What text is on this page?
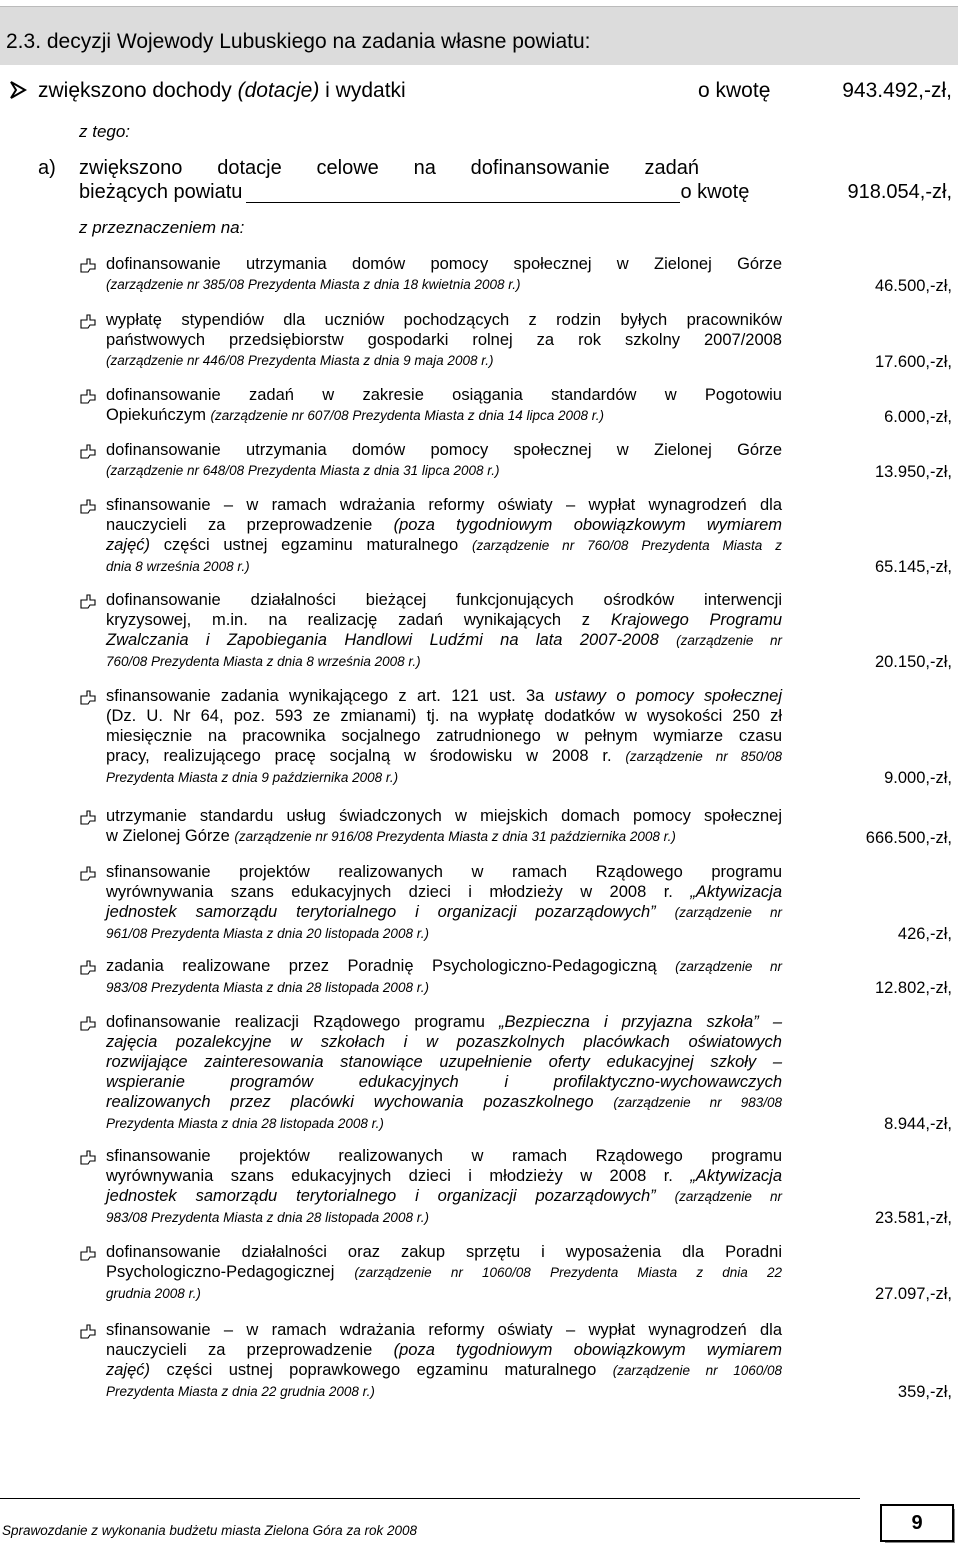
2.3. decyzji Wojewody Lubuskiego na zadania własne powiatu:
zwiększono dochody (dotacje) i wydatki	o kwotę	943.492,-zł,
z tego:
a) zwiększono dotacje celowe na dofinansowanie zadań
bieżących powiatu	o kwotę	918.054,-zł,
z przeznaczeniem na:
dofinansowanie utrzymania domów pomocy społecznej w Zielonej Górze
(zarządzenie nr 385/08 Prezydenta Miasta z dnia 18 kwietnia 2008 r.)	46.500,-zł,
wypłatę stypendiów dla uczniów pochodzących z rodzin byłych pracowników
państwowych przedsiębiorstw gospodarki rolnej za rok szkolny 2007/2008
(zarządzenie nr 446/08 Prezydenta Miasta z dnia 9 maja 2008 r.)	17.600,-zł,
dofinansowanie zadań w zakresie osiągania standardów w Pogotowiu
Opiekuńczym (zarządzenie nr 607/08 Prezydenta Miasta z dnia 14 lipca 2008 r.)	6.000,-zł,
dofinansowanie utrzymania domów pomocy społecznej w Zielonej Górze
(zarządzenie nr 648/08 Prezydenta Miasta z dnia 31 lipca 2008 r.)	13.950,-zł,
sfinansowanie – w ramach wdrażania reformy oświaty – wypłat wynagrodzeń dla
nauczycieli za przeprowadzenie (poza tygodniowym obowiązkowym wymiarem
zajęć) części ustnej egzaminu maturalnego (zarządzenie nr 760/08 Prezydenta Miasta z
dnia 8 września 2008 r.)	65.145,-zł,
dofinansowanie działalności bieżącej funkcjonujących ośrodków interwencji
kryzysowej, m.in. na realizację zadań wynikających z Krajowego Programu
Zwalczania i Zapobiegania Handlowi Ludźmi na lata 2007-2008 (zarządzenie nr
760/08 Prezydenta Miasta z dnia 8 września 2008 r.)	20.150,-zł,
sfinansowanie zadania wynikającego z art. 121 ust. 3a ustawy o pomocy społecznej
(Dz. U. Nr 64, poz. 593 ze zmianami) tj. na wypłatę dodatków w wysokości 250 zł
miesięcznie na pracownika socjalnego zatrudnionego w pełnym wymiarze czasu
pracy, realizującego pracę socjalną w środowisku w 2008 r. (zarządzenie nr 850/08
Prezydenta Miasta z dnia 9 października 2008 r.)	9.000,-zł,
utrzymanie standardu usług świadczonych w miejskich domach pomocy społecznej
w Zielonej Górze (zarządzenie nr 916/08 Prezydenta Miasta z dnia 31 października 2008 r.)	666.500,-zł,
sfinansowanie projektów realizowanych w ramach Rządowego programu
wyrównywania szans edukacyjnych dzieci i młodzieży w 2008 r. „Aktywizacja
jednostek samorządu terytorialnego i organizacji pozarządowych” (zarządzenie nr
961/08 Prezydenta Miasta z dnia 20 listopada 2008 r.)	426,-zł,
zadania realizowane przez Poradnię Psychologiczno-Pedagogiczną (zarządzenie nr
983/08 Prezydenta Miasta z dnia 28 listopada 2008 r.)	12.802,-zł,
dofinansowanie realizacji Rządowego programu „Bezpieczna i przyjazna szkoła” –
zajęcia pozalekcyjne w szkołach i w pozaszkolnych placówkach oświatowych
rozwijające zainteresowania stanowiące uzupełnienie oferty edukacyjnej szkoły –
wspieranie programów edukacyjnych i profilaktyczno-wychowawczych
realizowanych przez placówki wychowania pozaszkolnego (zarządzenie nr 983/08
Prezydenta Miasta z dnia 28 listopada 2008 r.)	8.944,-zł,
sfinansowanie projektów realizowanych w ramach Rządowego programu
wyrównywania szans edukacyjnych dzieci i młodzieży w 2008 r. „Aktywizacja
jednostek samorządu terytorialnego i organizacji pozarządowych” (zarządzenie nr
983/08 Prezydenta Miasta z dnia 28 listopada 2008 r.)	23.581,-zł,
dofinansowanie działalności oraz zakup sprzętu i wyposażenia dla Poradni
Psychologiczno-Pedagogicznej (zarządzenie nr 1060/08 Prezydenta Miasta z dnia 22
grudnia 2008 r.)	27.097,-zł,
sfinansowanie – w ramach wdrażania reformy oświaty – wypłat wynagrodzeń dla
nauczycieli za przeprowadzenie (poza tygodniowym obowiązkowym wymiarem
zajęć) części ustnej poprawkowego egzaminu maturalnego (zarządzenie nr 1060/08
Prezydenta Miasta z dnia 22 grudnia 2008 r.)	359,-zł,
Sprawozdanie z wykonania budżetu miasta Zielona Góra za rok 2008	9
